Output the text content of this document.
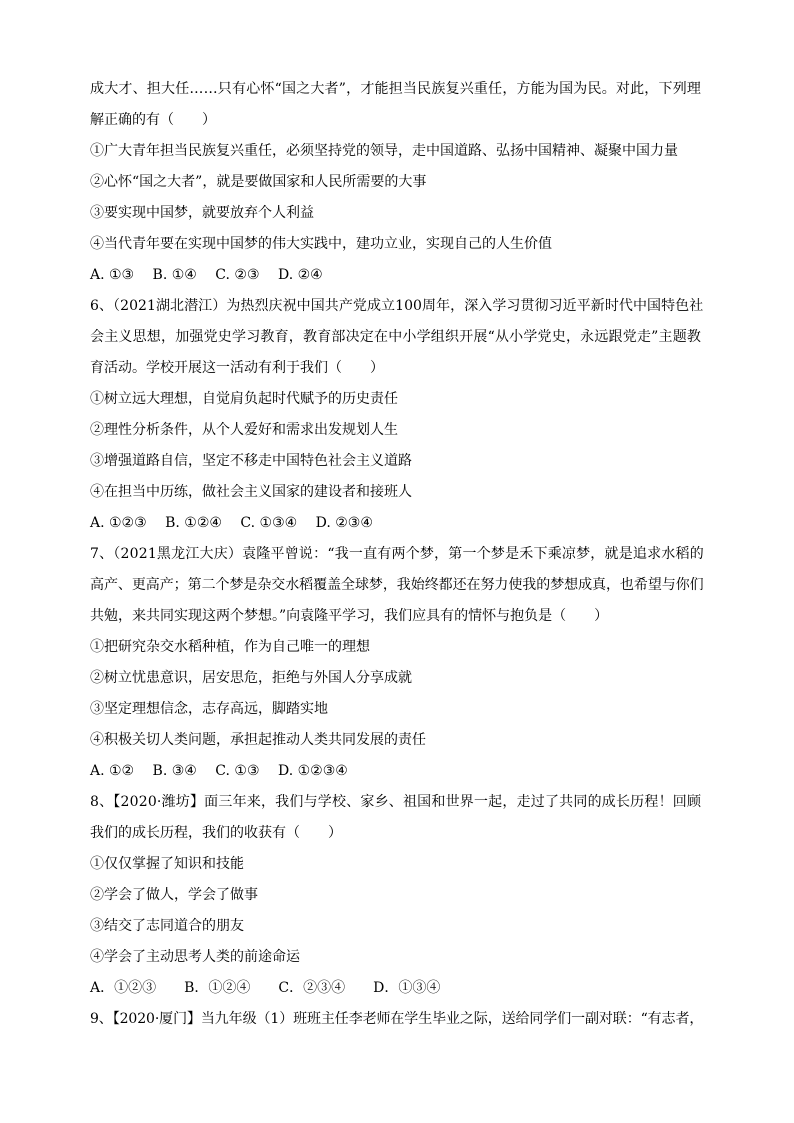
成大才、担大任……只有心怀“国之大者”，才能担当民族复兴重任，方能为国为民。对此，下列理
解正确的有（　　）
①广大青年担当民族复兴重任，必须坚持党的领导，走中国道路、弘扬中国精神、凝聚中国力量
②心怀“国之大者”，就是要做国家和人民所需要的大事
③要实现中国梦，就要放弃个人利益
④当代青年要在实现中国梦的伟大实践中，建功立业，实现自己的人生价值
A. ①③　 B. ①④　 C. ②③　 D. ②④
6、（2021湖北潜江）为热烈庆祝中国共产党成立100周年，深入学习贯彻习近平新时代中国特色社
会主义思想，加强党史学习教育，教育部决定在中小学组织开展“从小学党史，永远跟党走”主题教
育活动。学校开展这一活动有利于我们（　　）
①树立远大理想，自觉肩负起时代赋予的历史责任
②理性分析条件，从个人爱好和需求出发规划人生
③增强道路自信，坚定不移走中国特色社会主义道路
④在担当中历练，做社会主义国家的建设者和接班人
A. ①②③　 B. ①②④　 C. ①③④　 D. ②③④
7、（2021黑龙江大庆）袁隆平曾说：“我一直有两个梦，第一个梦是禾下乘凉梦，就是追求水稻的
高产、更高产；第二个梦是杂交水稻覆盖全球梦，我始终都还在努力使我的梦想成真，也希望与你们
共勉，来共同实现这两个梦想。”向袁隆平学习，我们应具有的情怀与抱负是（　　）
①把研究杂交水稻种植，作为自己唯一的理想
②树立忧患意识，居安思危，拒绝与外国人分享成就
③坚定理想信念，志存高远，脚踏实地
④积极关切人类问题，承担起推动人类共同发展的责任
A. ①②　 B. ③④　 C. ①③　 D. ①②③④
8、【2020·潍坊】面三年来，我们与学校、家乡、祖国和世界一起，走过了共同的成长历程！回顾
我们的成长历程，我们的收获有（　　）
①仅仅掌握了知识和技能
②学会了做人，学会了做事
③结交了志同道合的朋友
④学会了主动思考人类的前途命运
A．①②③　　B．①②④　　C．②③④　　D．①③④
9、【2020·厦门】当九年级（1）班班主任李老师在学生毕业之际，送给同学们一副对联：“有志者，
